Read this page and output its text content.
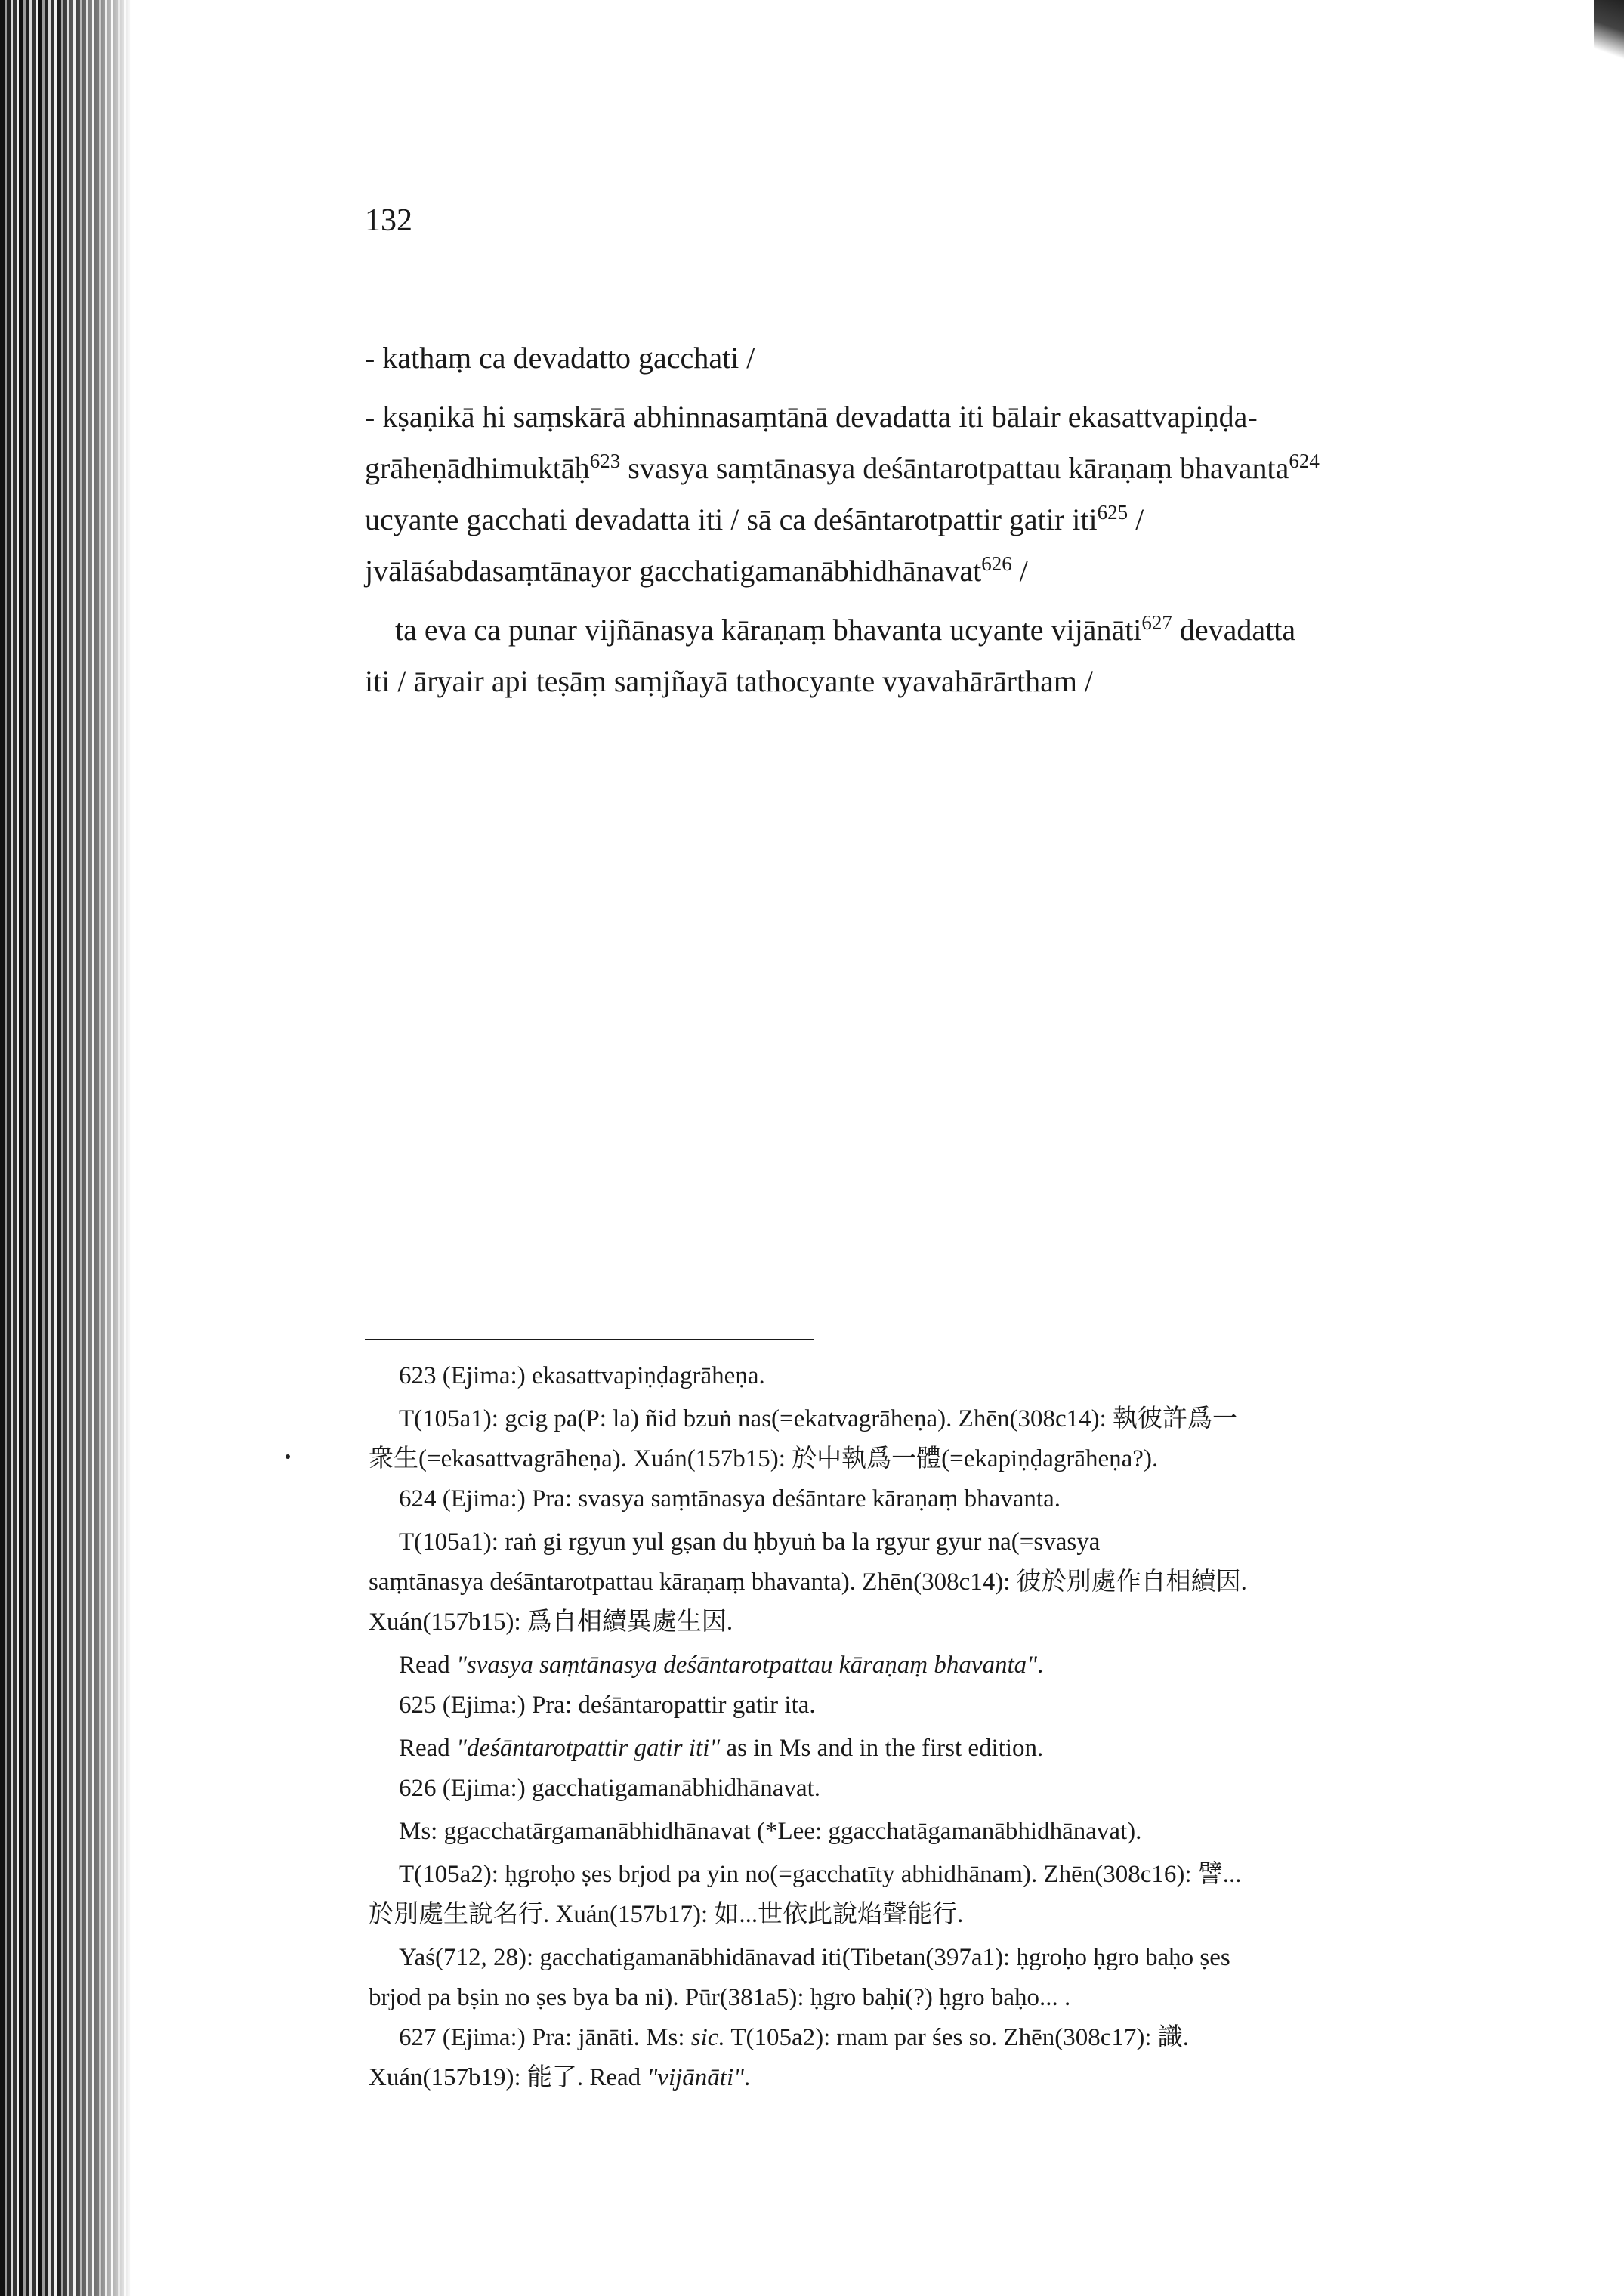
132
- kathaṃ ca devadatto gacchati /
- kṣaṇikā hi saṃskārā abhinnasaṃtānā devadatta iti bālair ekasattvapiṇḍa-
grāheṇādhimuktāḥ$^{623}$ svasya saṃtānasya deśāntarotpattau kāraṇaṃ bhavanta$^{624}$
ucyante gacchati devadatta iti / sā ca deśāntarotpattir gatir iti$^{625}$ /
jvālāśabdasaṃtānayor gacchatigamanābhidhānavat$^{626}$ /
ta eva ca punar vijñānasya kāraṇaṃ bhavanta ucyante vijānāti$^{627}$ devadatta
iti / āryair api teṣāṃ saṃjñayā tathocyante vyavahārārtham /
623 (Ejima:) ekasattvapiṇḍagrāheṇa.
T(105a1): gcig pa(P: la) ñid bzuṅ nas(=ekatvagrāheṇa). Zhēn(308c14): 執彼許爲一
衆生(=ekasattvagrāheṇa). Xuán(157b15): 於中執爲一體(=ekapiṇḍagrāheṇa?).
624 (Ejima:) Pra: svasya saṃtānasya deśāntare kāraṇaṃ bhavanta.
T(105a1): raṅ gi rgyun yul gṣan du ḥbyuṅ ba la rgyur gyur na(=svasya
saṃtānasya deśāntarotpattau kāraṇaṃ bhavanta). Zhēn(308c14): 彼於別處作自相續因.
Xuán(157b15): 爲自相續異處生因.
Read "svasya saṃtānasya deśāntarotpattau kāraṇaṃ bhavanta".
625 (Ejima:) Pra: deśāntaropattir gatir ita.
Read "deśāntarotpattir gatir iti" as in Ms and in the first edition.
626 (Ejima:) gacchatigamanābhidhānavat.
Ms: ggacchatārgamanābhidhānavat (*Lee: ggacchatāgamanābhidhānavat).
T(105a2): ḥgroḥo ṣes brjod pa yin no(=gacchatīty abhidhānam). Zhēn(308c16): 譬...
於別處生說名行. Xuán(157b17): 如...世依此說焰聲能行.
Yaś(712, 28): gacchatigamanābhidānavad iti(Tibetan(397a1): ḥgroḥo ḥgro baḥo ṣes
brjod pa bṣin no ṣes bya ba ni). Pūr(381a5): ḥgro baḥi(?) ḥgro baḥo... .
627 (Ejima:) Pra: jānāti. Ms: sic. T(105a2): rnam par śes so. Zhēn(308c17): 識.
Xuán(157b19): 能了. Read "vijānāti".
